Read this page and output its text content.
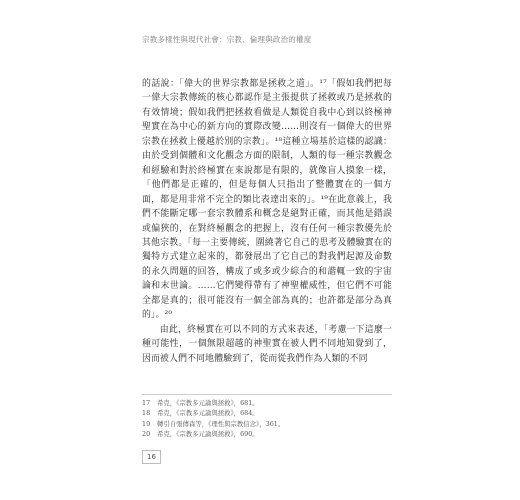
宗教多樣性與現代社會：宗教、倫理與政治的權度

的話說：「偉大的世界宗教都是拯救之道」。¹⁷「假如我們把每一偉大宗教傳統的核心都認作是主張提供了拯救或乃是拯救的有效情境；假如我們把拯救看做是人類從自我中心到以終極神聖實在為中心的新方向的實際改變……則沒有一個偉大的世界宗教在拯救上優越於別的宗教」。¹⁸這種立場基於這樣的認識：由於受到個體和文化觀念方面的限制，人類的每一種宗教觀念和經驗和對於終極實在來說都是有限的，就像盲人摸象一樣，「他們都是正確的，但是每個人只指出了整體實在的一個方面，都是用非常不完全的類比表達出來的」。¹⁹在此意義上，我們不能斷定哪一套宗教體系和概念是絕對正確，而其他是錯誤或偏狹的，在對終極觀念的把握上，沒有任何一種宗教優先於其他宗教。「每一主要傳統，圍繞著它自己的思考及體驗實在的獨特方式建立起來的，都發展出了它自己的對我們起源及命數的永久問題的回答，構成了或多或少綜合的和諧輒一致的宇宙論和末世論。……它們變得帶有了神聖權威性，但它們不可能全都是真的；很可能沒有一個全部為真的；也許都是部分為真的」。²⁰

由此，終極實在可以不同的方式來表述，「考慮一下這麼一種可能性，一個無限超越的神聖實在被人們不同地知覺到了，因而被人們不同地體驗到了，從而從我們作為人類的不同

17 希克，《宗教多元論與拯救》，681。
18 希克，《宗教多元論與拯救》，684。
19 轉引自張傳森等，《理性與宗教信念》，361。
20 希克，《宗教多元論與拯救》，690。
16
